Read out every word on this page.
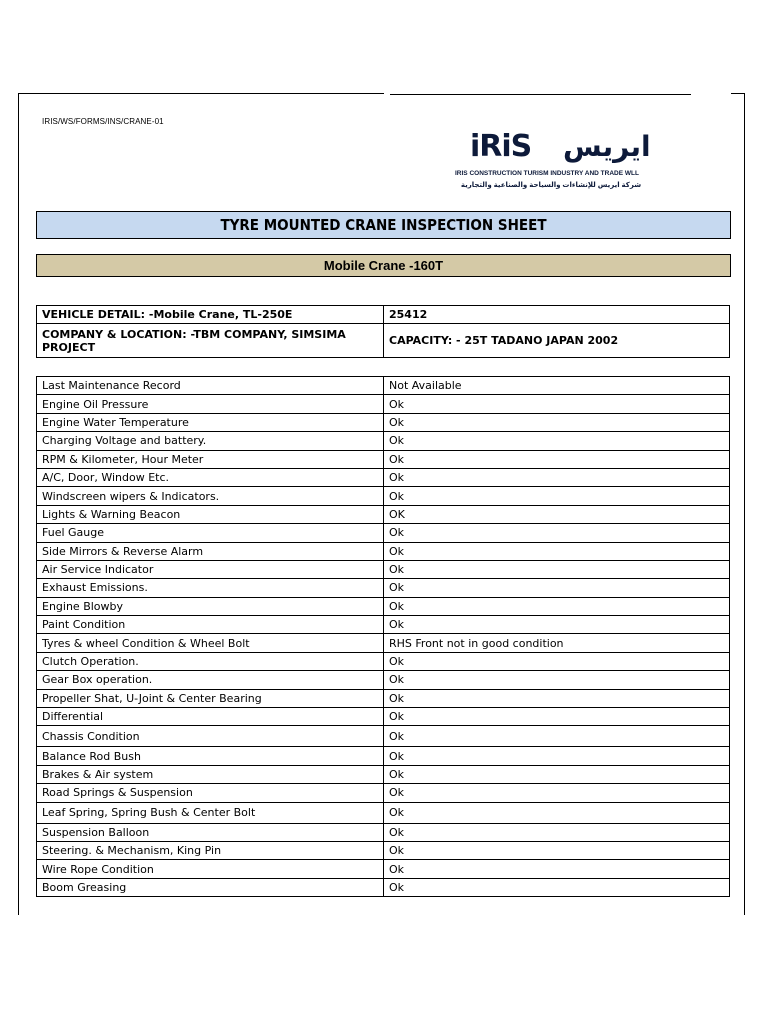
IRIS/WS/FORMS/INS/CRANE-01
iRiS ايريس
IRIS CONSTRUCTION TURISM INDUSTRY AND TRADE WLL
شركة ايريس للإنشاءات والسياحة والصناعية والتجارية
TYRE MOUNTED CRANE INSPECTION SHEET
Mobile Crane -160T
VEHICLE DETAIL: -Mobile Crane, TL-250E	25412
COMPANY & LOCATION: -TBM COMPANY, SIMSIMA PROJECT	CAPACITY: - 25T TADANO JAPAN 2002
Last Maintenance Record	Not Available
Engine Oil Pressure	Ok
Engine Water Temperature	Ok
Charging Voltage and battery.	Ok
RPM & Kilometer, Hour Meter	Ok
A/C, Door, Window Etc.	Ok
Windscreen wipers & Indicators.	Ok
Lights & Warning Beacon	OK
Fuel Gauge	Ok
Side Mirrors & Reverse Alarm	Ok
Air Service Indicator	Ok
Exhaust Emissions.	Ok
Engine Blowby	Ok
Paint Condition	Ok
Tyres & wheel Condition & Wheel Bolt	RHS Front not in good condition
Clutch Operation.	Ok
Gear Box operation.	Ok
Propeller Shat, U-Joint & Center Bearing	Ok
Differential	Ok
Chassis Condition	Ok
Balance Rod Bush	Ok
Brakes & Air system	Ok
Road Springs & Suspension	Ok
Leaf Spring, Spring Bush & Center Bolt	Ok
Suspension Balloon	Ok
Steering. & Mechanism, King Pin	Ok
Wire Rope Condition	Ok
Boom Greasing	Ok
